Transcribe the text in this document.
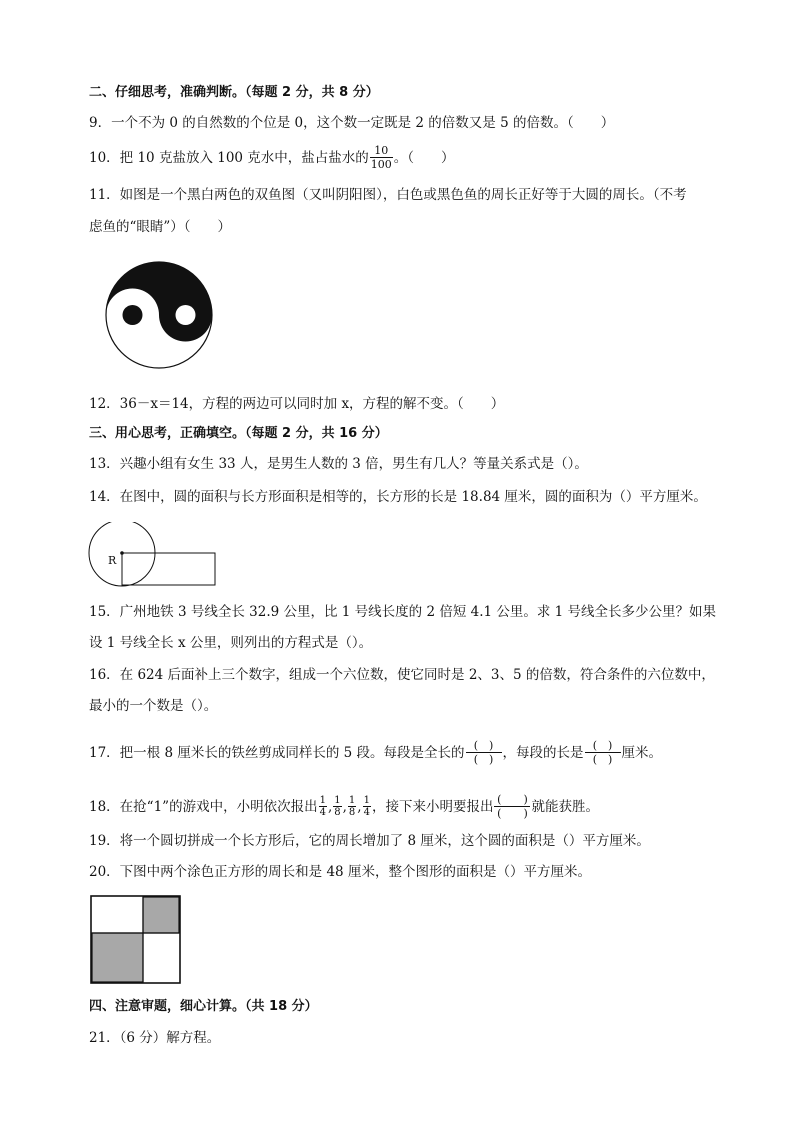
二、仔细思考，准确判断。（每题 2 分，共 8 分）
9．一个不为 0 的自然数的个位是 0，这个数一定既是 2 的倍数又是 5 的倍数。（　　）
10．把 10 克盐放入 100 克水中，盐占盐水的 $\frac{10}{100}$ 。（　　）
11．如图是一个黑白两色的双鱼图（又叫阴阳图），白色或黑色鱼的周长正好等于大圆的周长。（不考
虑鱼的“眼睛”）（　　）
12．36－x＝14，方程的两边可以同时加 x，方程的解不变。（　　）
三、用心思考，正确填空。（每题 2 分，共 16 分）
13．兴趣小组有女生 33 人，是男生人数的 3 倍，男生有几人？等量关系式是（）。
14．在图中，圆的面积与长方形面积是相等的，长方形的长是 18.84 厘米，圆的面积为（）平方厘米。
R
15．广州地铁 3 号线全长 32.9 公里，比 1 号线长度的 2 倍短 4.1 公里。求 1 号线全长多少公里？如果
设 1 号线全长 x 公里，则列出的方程式是（）。
16．在 624 后面补上三个数字，组成一个六位数，使它同时是 2、3、5 的倍数，符合条件的六位数中，
最小的一个数是（）。
17．把一根 8 厘米长的铁丝剪成同样长的 5 段。每段是全长的 $\frac{( )}{( )}$ ，每段的长是 $\frac{( )}{( )}$ 厘米。
18．在抢“1”的游戏中，小明依次报出 $\frac{1}{4}$ , $\frac{1}{8}$ , $\frac{1}{8}$ , $\frac{1}{4}$ ，接下来小明要报出 $\frac{( )}{( )}$ 就能获胜。
19．将一个圆切拼成一个长方形后，它的周长增加了 8 厘米，这个圆的面积是（）平方厘米。
20．下图中两个涂色正方形的周长和是 48 厘米，整个图形的面积是（）平方厘米。
四、注意审题，细心计算。（共 18 分）
21．（6 分）解方程。
